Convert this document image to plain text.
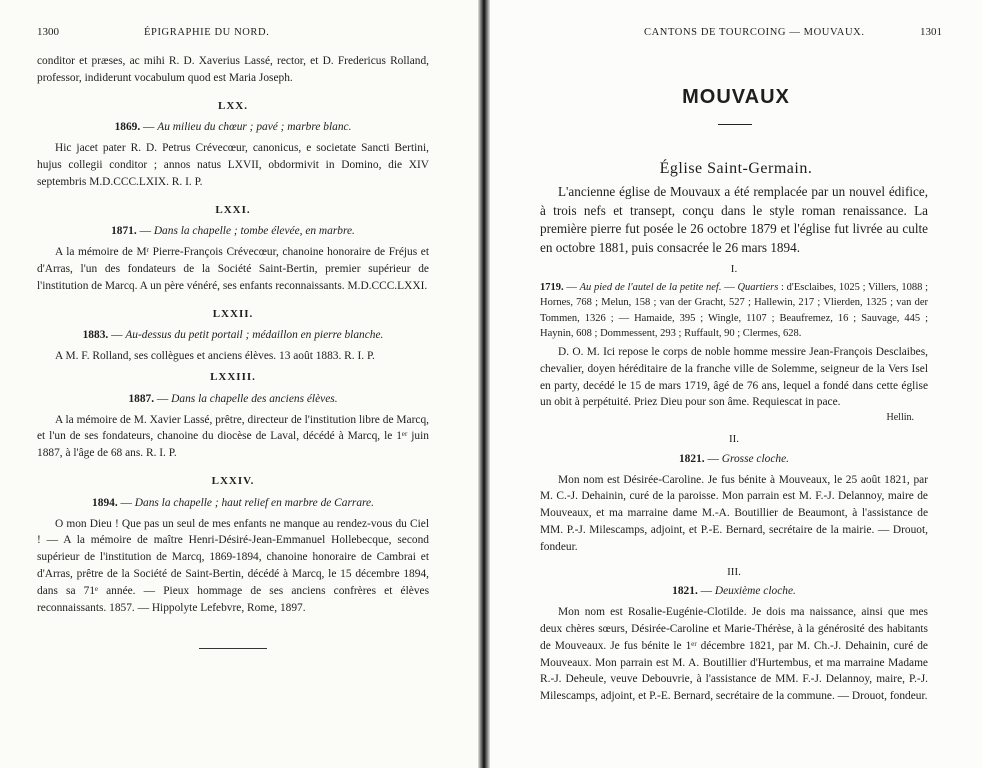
1300	ÉPIGRAPHIE DU NORD.

conditor et præses, ac mihi R. D. Xaverius Lassé, rector, et D. Fredericus Rolland, professor, indiderunt vocabulum quod est Maria Joseph.

LXX.
1869. — Au milieu du chœur ; pavé ; marbre blanc.

Hic jacet pater R. D. Petrus Crévecœur, canonicus, e societate Sancti Bertini, hujus collegii conditor ; annos natus LXVII, obdormivit in Domino, die XIV septembris M.D.CCC.LXIX. R. I. P.

LXXI.
1871. — Dans la chapelle ; tombe élevée, en marbre.

A la mémoire de Mʳ Pierre-François Crévecœur, chanoine honoraire de Fréjus et d'Arras, l'un des fondateurs de la Société Saint-Bertin, premier supérieur de l'institution de Marcq. A un père vénéré, ses enfants reconnaissants. M.D.CCC.LXXI.

LXXII.
1883. — Au-dessus du petit portail ; médaillon en pierre blanche.

A M. F. Rolland, ses collègues et anciens élèves. 13 août 1883. R. I. P.

LXXIII.
1887. — Dans la chapelle des anciens élèves.

A la mémoire de M. Xavier Lassé, prêtre, directeur de l'institution libre de Marcq, et l'un de ses fondateurs, chanoine du diocèse de Laval, décédé à Marcq, le 1ᵉʳ juin 1887, à l'âge de 68 ans. R. I. P.

LXXIV.
1894. — Dans la chapelle ; haut relief en marbre de Carrare.

O mon Dieu ! Que pas un seul de mes enfants ne manque au rendez-vous du Ciel ! — A la mémoire de maître Henri-Désiré-Jean-Emmanuel Hollebecque, second supérieur de l'institution de Marcq, 1869-1894, chanoine honoraire de Cambrai et d'Arras, prêtre de la Société de Saint-Bertin, décédé à Marcq, le 15 décembre 1894, dans sa 71ᵉ année. — Pieux hommage de ses anciens confrères et élèves reconnaissants. 1857. — Hippolyte Lefebvre, Rome, 1897.

CANTONS DE TOURCOING — MOUVAUX.	1301
MOUVAUX
Église Saint-Germain.

L'ancienne église de Mouvaux a été remplacée par un nouvel édifice, à trois nefs et transept, conçu dans le style roman renaissance. La première pierre fut posée le 26 octobre 1879 et l'église fut livrée au culte en octobre 1881, puis consacrée le 26 mars 1894.

I.

1719. — Au pied de l'autel de la petite nef. — Quartiers : d'Esclaibes, 1025 ; Villers, 1088 ; Hornes, 768 ; Melun, 158 ; van der Gracht, 527 ; Hallewin, 217 ; Vlierden, 1325 ; van der Tommen, 1326 ; — Hamaide, 395 ; Wingle, 1107 ; Beaufremez, 16 ; Sauvage, 445 ; Haynin, 608 ; Dommessent, 293 ; Ruffault, 90 ; Clermes, 628.

D. O. M. Ici repose le corps de noble homme messire Jean-François Desclaibes, chevalier, doyen héréditaire de la franche ville de Solemme, seigneur de la Vers Isel en party, decédé le 15 de mars 1719, âgé de 76 ans, lequel a fondé dans cette église un obit à perpétuité. Priez Dieu pour son âme. Requiescat in pace.

Hellin.
II.
1821. — Grosse cloche.

Mon nom est Désirée-Caroline. Je fus bénite à Mouveaux, le 25 août 1821, par M. C.-J. Dehainin, curé de la paroisse. Mon parrain est M. F.-J. Delannoy, maire de Mouveaux, et ma marraine dame M.-A. Boutillier de Beaumont, à l'assistance de MM. P.-J. Milescamps, adjoint, et P.-E. Bernard, secrétaire de la mairie. — Drouot, fondeur.

III.
1821. — Deuxième cloche.

Mon nom est Rosalie-Eugénie-Clotilde. Je dois ma naissance, ainsi que mes deux chères sœurs, Désirée-Caroline et Marie-Thérèse, à la générosité des habitants de Mouveaux. Je fus bénite le 1ᵉʳ décembre 1821, par M. Ch.-J. Dehainin, curé de Mouveaux. Mon parrain est M. A. Boutillier d'Hurtembus, et ma marraine Madame R.-J. Deheule, veuve Debouvrie, à l'assistance de MM. F.-J. Delannoy, maire, P.-J. Milescamps, adjoint, et P.-E. Bernard, secrétaire de la commune. — Drouot, fondeur.
